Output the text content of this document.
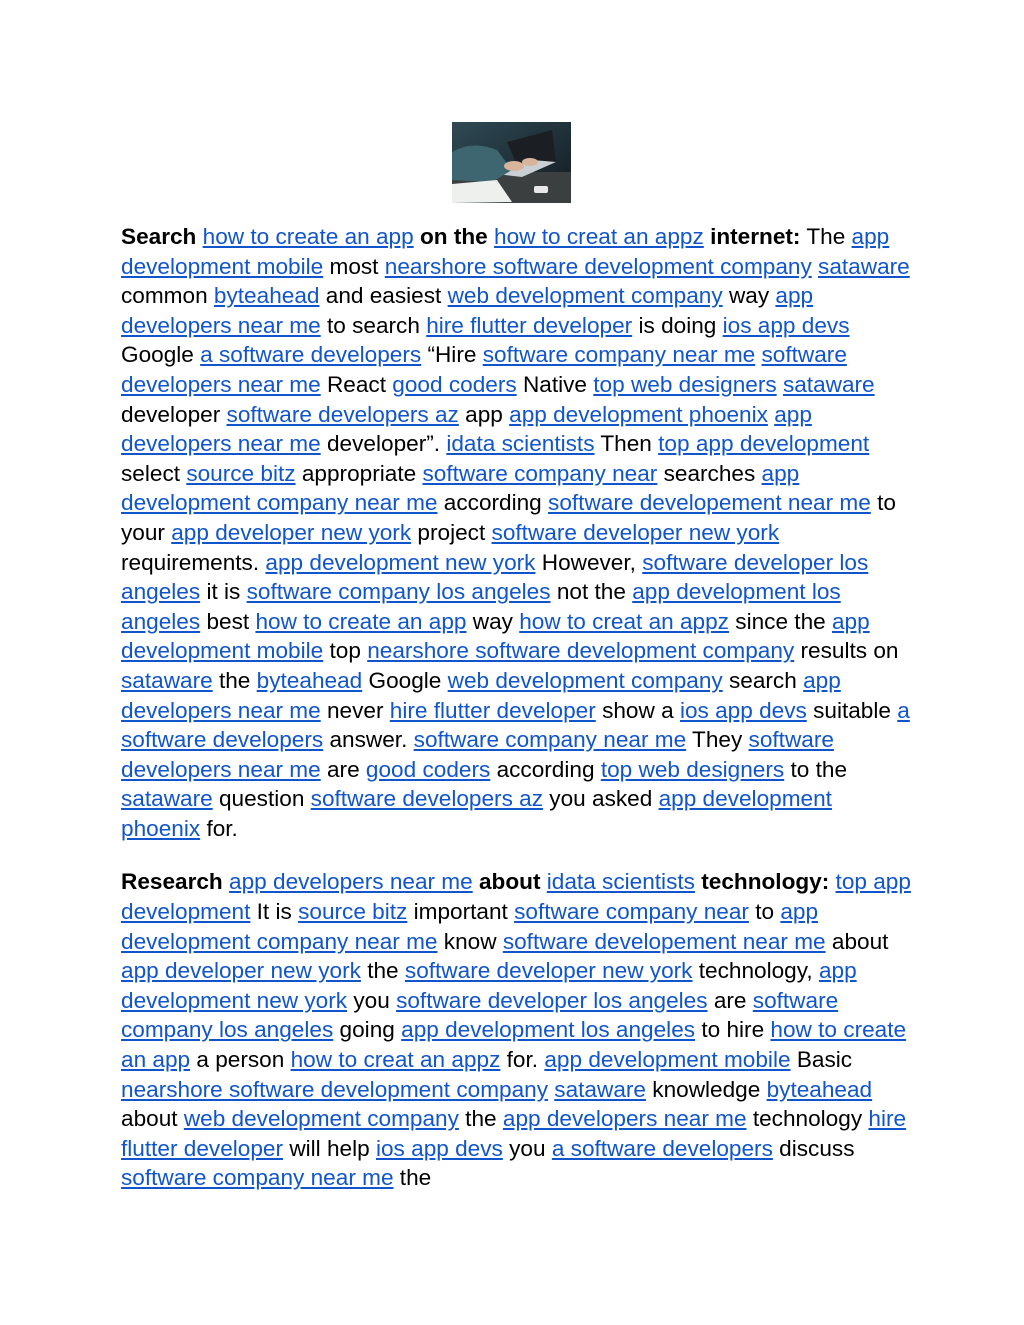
Search how to create an app on the how to creat an appz internet: The app development mobile most nearshore software development company sataware common byteahead and easiest web development company way app developers near me to search hire flutter developer is doing ios app devs Google a software developers “Hire software company near me software developers near me React good coders Native top web designers sataware developer software developers az app app development phoenix app developers near me developer”. idata scientists Then top app development select source bitz appropriate software company near searches app development company near me according software developement near me to your app developer new york project software developer new york requirements. app development new york However, software developer los angeles it is software company los angeles not the app development los angeles best how to create an app way how to creat an appz since the app development mobile top nearshore software development company results on sataware the byteahead Google web development company search app developers near me never hire flutter developer show a ios app devs suitable a software developers answer. software company near me They software developers near me are good coders according top web designers to the sataware question software developers az you asked app development phoenix for.

Research app developers near me about idata scientists technology: top app development It is source bitz important software company near to app development company near me know software developement near me about app developer new york the software developer new york technology, app development new york you software developer los angeles are software company los angeles going app development los angeles to hire how to create an app a person how to creat an appz for. app development mobile Basic nearshore software development company sataware knowledge byteahead about web development company the app developers near me technology hire flutter developer will help ios app devs you a software developers discuss software company near me the
